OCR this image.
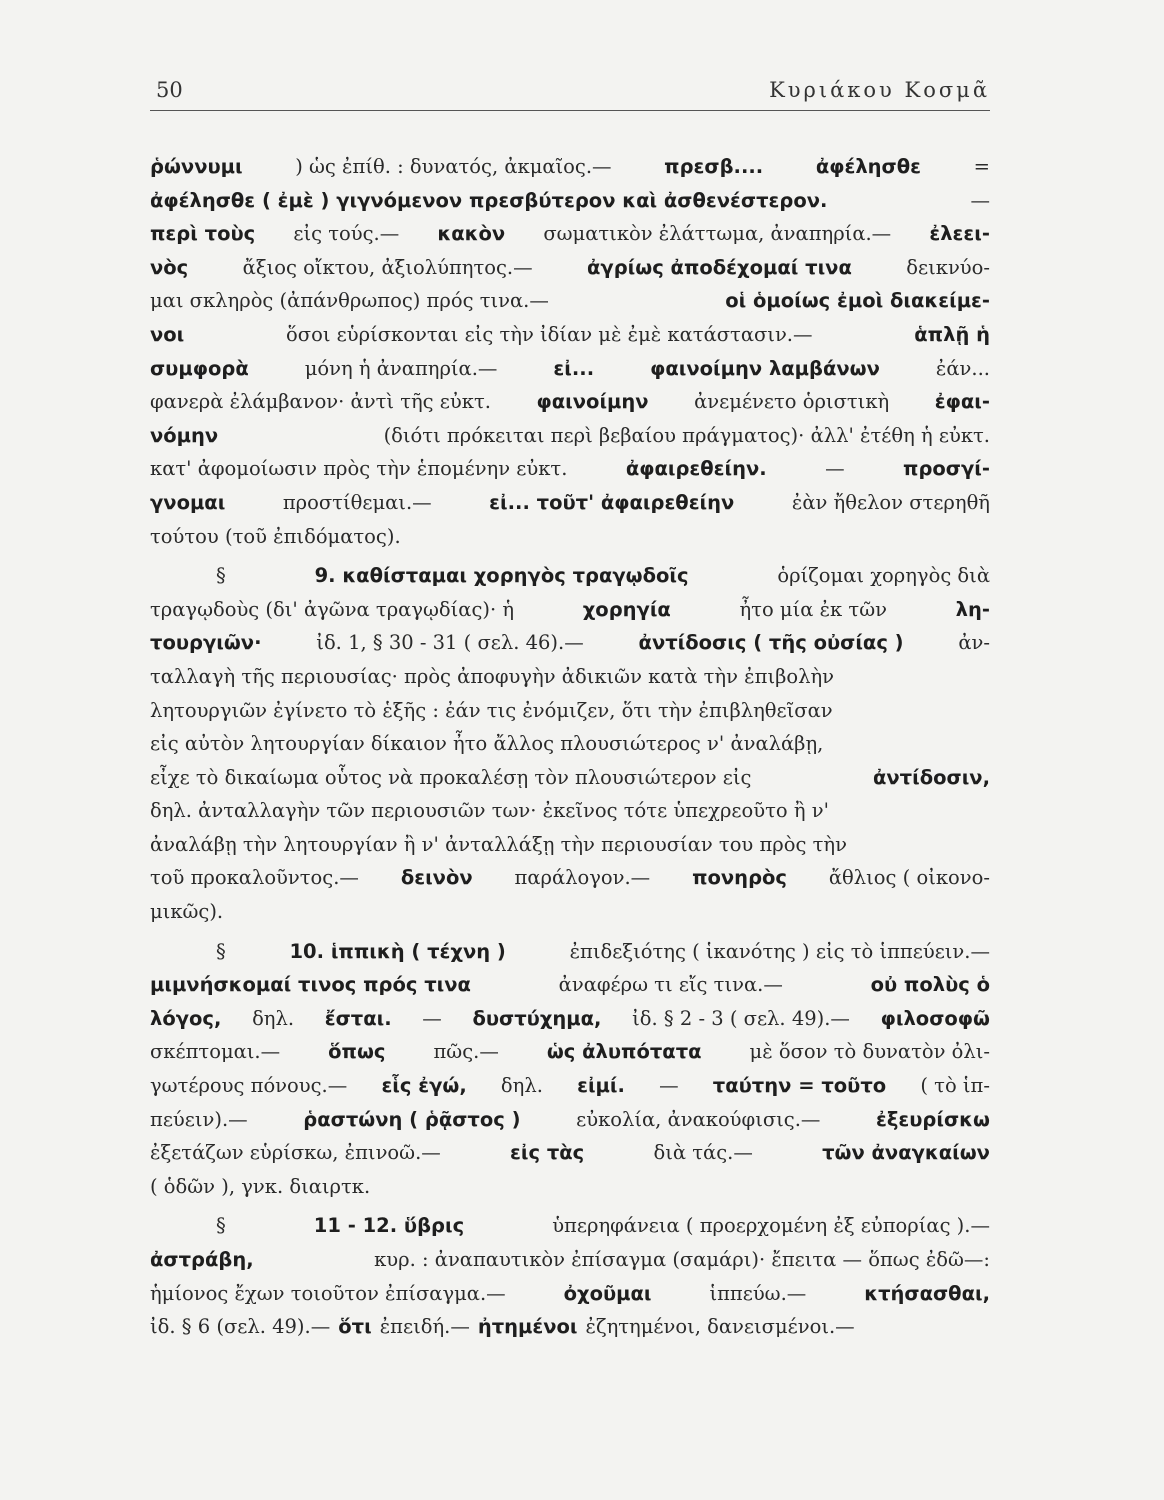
50	Κυριάκου Κοσμᾶ
ῥώννυμι	) ὡς ἐπίθ. : δυνατός, ἀκμαῖος.—	πρεσβ....	ἀφέλησθε	=
ἀφέλησθε ( ἐμὲ ) γιγνόμενον πρεσβύτερον καὶ ἀσθενέστερον.	—
περὶ τοὺς εἰς τούς.— κακὸν σωματικὸν ἐλάττωμα, ἀναπηρία.— ἐλεει-
νὸς	ἄξιος οἴκτου, ἀξιολύπητος.—	ἀγρίως ἀποδέχομαί τινα	δεικνύο-
μαι σκληρὸς (ἀπάνθρωπος) πρός τινα.—	οἱ ὁμοίως ἐμοὶ διακείμε-
νοι	ὅσοι εὑρίσκονται εἰς τὴν ἰδίαν μὲ ἐμὲ κατάστασιν.—	ἁπλῇ ἡ
συμφορὰ	μόνη ἡ ἀναπηρία.—	εἰ...	φαινοίμην λαμβάνων	ἐάν...
φανερὰ ἐλάμβανον· ἀντὶ τῆς εὐκτ. φαινοίμην ἀνεμένετο ὁριστικὴ ἐφαι-
νόμην	(διότι πρόκειται περὶ βεβαίου πράγματος)· ἀλλ' ἐτέθη ἡ εὐκτ.
κατ' ἀφομοίωσιν πρὸς τὴν ἑπομένην εὐκτ.	ἀφαιρεθείην.	—	προσγί-
γνομαι	προστίθεμαι.—	εἰ... τοῦτ' ἀφαιρεθείην	ἐὰν ἤθελον στερηθῆ
τούτου (τοῦ ἐπιδόματος).
§	9. καθίσταμαι χορηγὸς τραγῳδοῖς	ὁρίζομαι χορηγὸς διὰ
τραγῳδοὺς (δι' ἀγῶνα τραγῳδίας)· ἡ	χορηγία	ἦτο μία ἐκ τῶν	λη-
τουργιῶν·	ἰδ. 1, § 30 - 31 ( σελ. 46).—	ἀντίδοσις ( τῆς οὐσίας )	ἀν-
ταλλαγὴ τῆς περιουσίας· πρὸς ἀποφυγὴν ἀδικιῶν κατὰ τὴν ἐπιβολὴν
λητουργιῶν ἐγίνετο τὸ ἑξῆς : ἐάν τις ἐνόμιζεν, ὅτι τὴν ἐπιβληθεῖσαν
εἰς αὐτὸν λητουργίαν δίκαιον ἦτο ἄλλος πλουσιώτερος ν' ἀναλάβῃ,
εἶχε τὸ δικαίωμα οὗτος νὰ προκαλέσῃ τὸν πλουσιώτερον εἰς	ἀντίδοσιν,
δηλ. ἀνταλλαγὴν τῶν περιουσιῶν των· ἐκεῖνος τότε ὑπεχρεοῦτο ἢ ν'
ἀναλάβῃ τὴν λητουργίαν ἢ ν' ἀνταλλάξῃ τὴν περιουσίαν του πρὸς τὴν
τοῦ προκαλοῦντος.— δεινὸν παράλογον.— πονηρὸς ἄθλιος ( οἰκονο-
μικῶς).
§	10. ἱππικὴ ( τέχνη )	ἐπιδεξιότης ( ἱκανότης ) εἰς τὸ ἱππεύειν.—
μιμνήσκομαί τινος πρός τινα	ἀναφέρω τι εἴς τινα.—	οὐ πολὺς ὁ
λόγος, δηλ. ἔσται. — δυστύχημα, ἰδ. § 2 - 3 ( σελ. 49).— φιλοσοφῶ
σκέπτομαι.— ὅπως πῶς.— ὡς ἀλυπότατα μὲ ὅσον τὸ δυνατὸν ὀλι-
γωτέρους πόνους.— εἷς ἐγώ, δηλ. εἰμί. — ταύτην = τοῦτο ( τὸ ἱπ-
πεύειν).—	ῥαστώνη ( ῥᾷστος )	εὐκολία, ἀνακούφισις.—	ἐξευρίσκω
ἐξετάζων εὑρίσκω, ἐπινοῶ.—	εἰς τὰς	διὰ τάς.—	τῶν ἀναγκαίων
( ὁδῶν ), γνκ. διαιρτκ.
§	11 - 12. ὕβρις	ὑπερηφάνεια ( προερχομένη ἐξ εὐπορίας ).—
ἀστράβη,	κυρ. : ἀναπαυτικὸν ἐπίσαγμα (σαμάρι)· ἔπειτα — ὅπως ἐδῶ—:
ἡμίονος ἔχων τοιοῦτον ἐπίσαγμα.—	ὀχοῦμαι	ἱππεύω.—	κτήσασθαι,
ἰδ. § 6 (σελ. 49).— ὅτι ἐπειδή.— ἠτημένοι ἐζητημένοι, δανεισμένοι.—
